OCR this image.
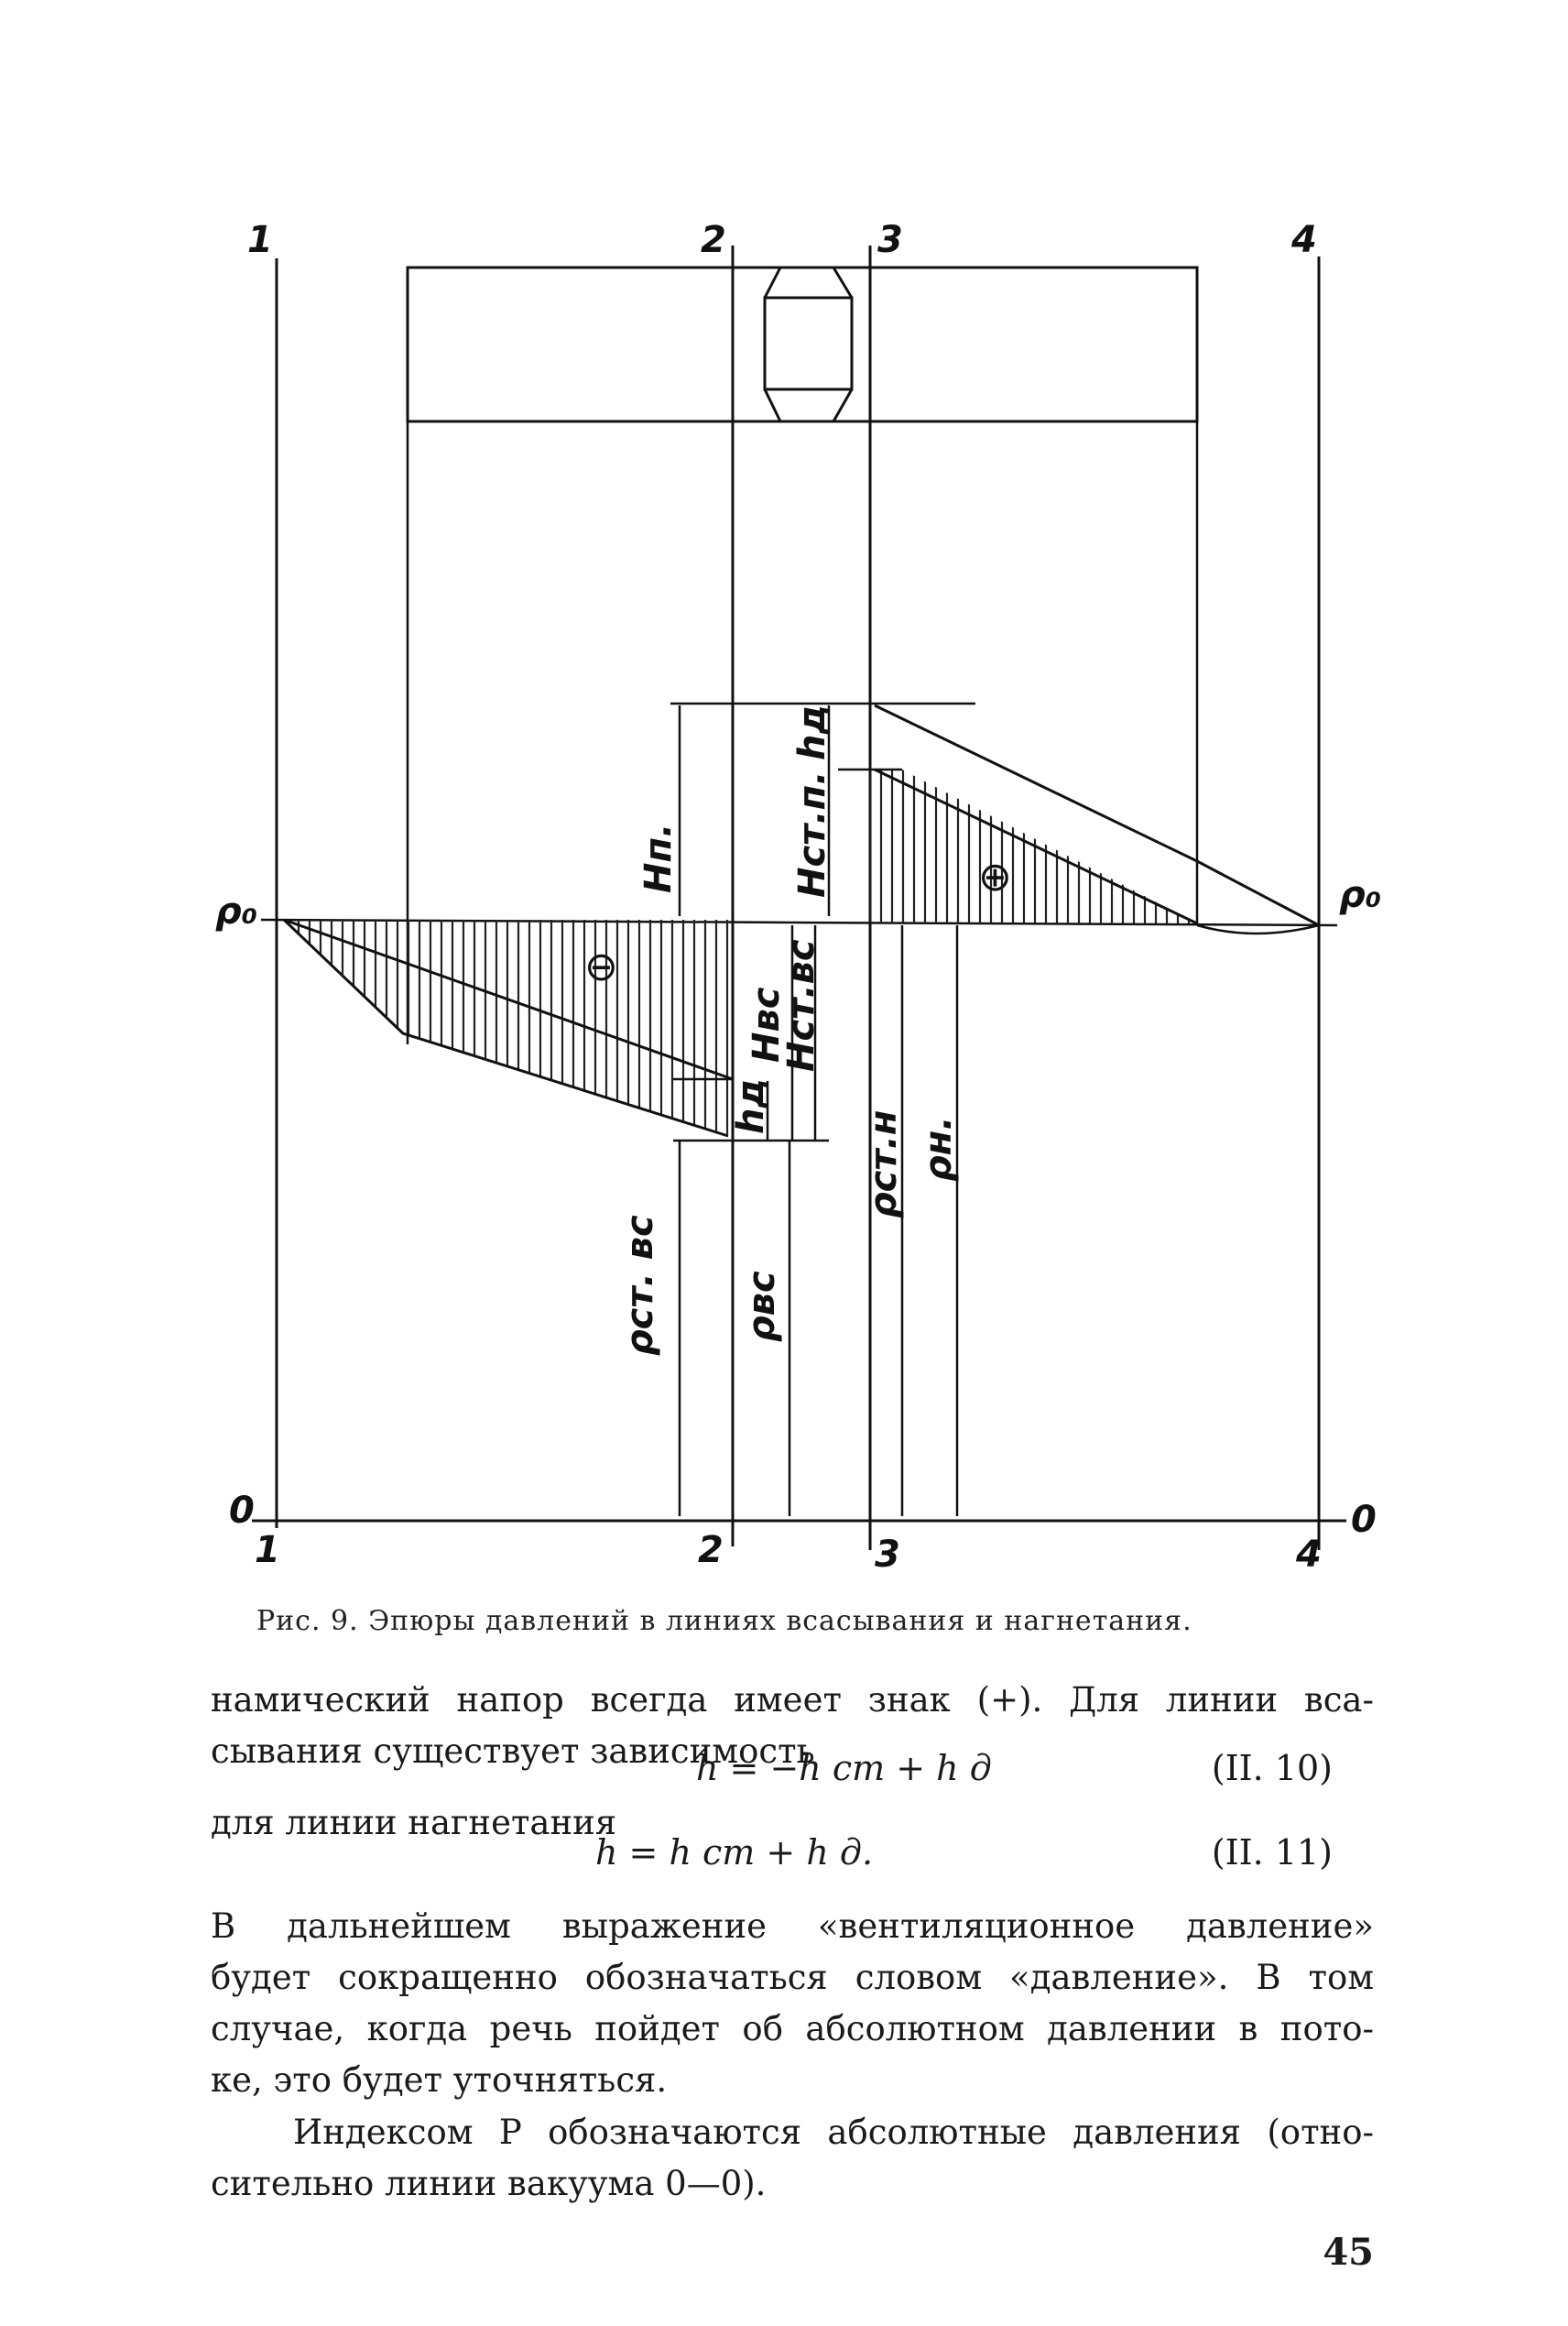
1	2	3	4
1	2	3	4
0	0
ρ₀	ρ₀
Hп.
hд
Hст.п.
Hвс
Hст.вс
hд
ρст. вс ρвс
ρст.н ρн.
⊖
⊕
Рис. 9. Эпюры давлений в линиях всасывания и нагнетания.
намический напор всегда имеет знак (+). Для линии вса-
сывания существует зависимость
h = −h ст + h д	(II. 10)
для линии нагнетания
h = h ст + h д.	(II. 11)
В дальнейшем выражение «вентиляционное давление»
будет сокращенно обозначаться словом «давление». В том
случае, когда речь пойдет об абсолютном давлении в пото-
ке, это будет уточняться.
Индексом P обозначаются абсолютные давления (отно-
сительно линии вакуума 0—0).
45
